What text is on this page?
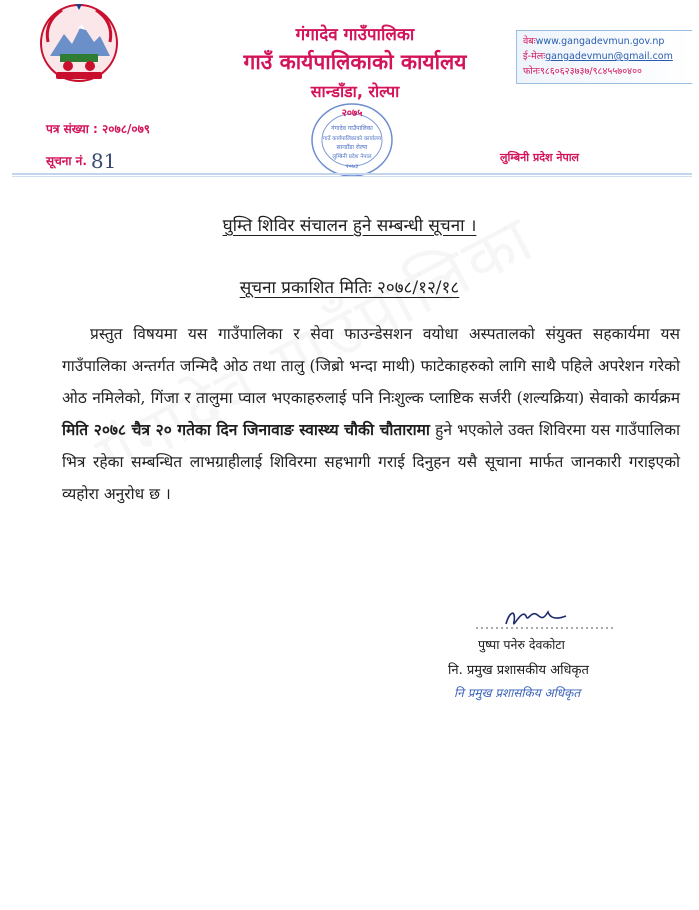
गंगादेव गाउँपालिका
गाउँ कार्यपालिकाको कार्यालय
सान्डाँडा, रोल्पा
वेबःwww.gangadevmun.gov.np
ई-मेलःgangadevmun@gmail.com
फोनः९८६०६२३७३७/९८४५५७०४००
२०७५
गंगादेव गाउँपालिका
गाउँ कार्यपालिकाको कार्यालय
सान्डाँडा रोल्पा
लुम्बिनी प्रदेश नेपाल
२०७३
पत्र संख्या : २०७८/०७९
सूचना नं. 81	लुम्बिनी प्रदेश नेपाल
घुम्ति शिविर संचालन हुने सम्बन्धी सूचना ।
सूचना प्रकाशित मितिः २०७८/१२/१८
प्रस्तुत विषयमा यस गाउँपालिका र सेवा फाउन्डेसशन वयोधा अस्पतालको संयुक्त सहकार्यमा यस गाउँपालिका अन्तर्गत जन्मिदै ओठ तथा तालु (जिब्रो भन्दा माथी) फाटेकाहरुको लागि साथै पहिले अपरेशन गरेको ओठ नमिलेको, गिंजा र तालुमा प्वाल भएकाहरुलाई पनि निःशुल्क प्लाष्टिक सर्जरी (शल्यक्रिया) सेवाको कार्यक्रम मिति २०७८ चैत्र २० गतेका दिन जिनावाङ स्वास्थ्य चौकी चौतारामा हुने भएकोले उक्त शिविरमा यस गाउँपालिका भित्र रहेका सम्बन्धित लाभग्राहीलाई शिविरमा सहभागी गराई दिनुहन यसै सूचाना मार्फत जानकारी गराइएको व्यहोरा अनुरोध छ ।
पुष्पा पनेरु देवकोटा
नि. प्रमुख प्रशासकीय अधिकृत
नि प्रमुख प्रशासकिय अधिकृत
